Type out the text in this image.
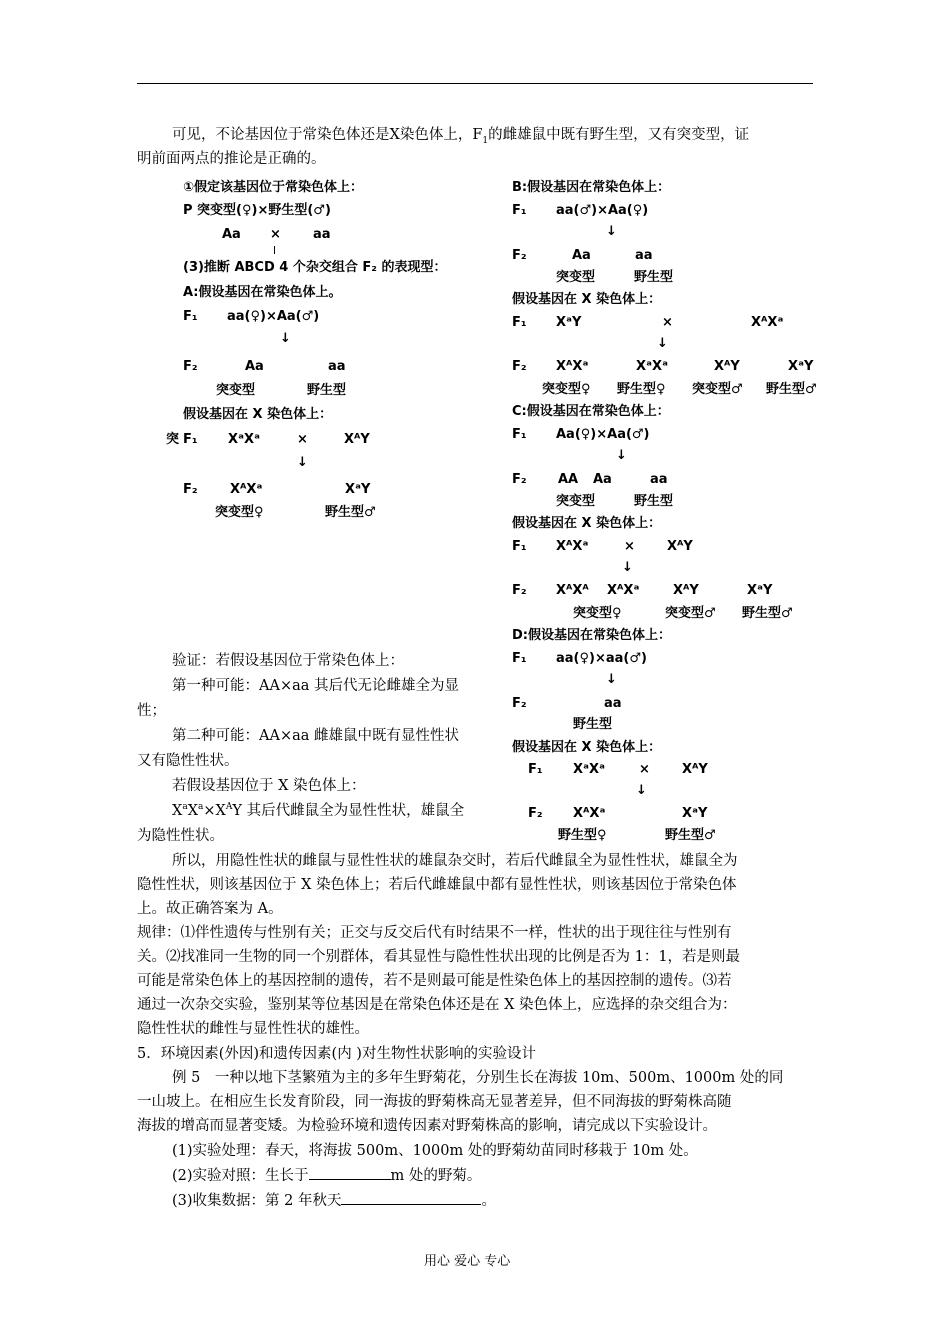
可见，不论基因位于常染色体还是X染色体上，$F_1$的雌雄鼠中既有野生型，又有突变型，证
明前面两点的推论是正确的。
①假定该基因位于常染色体上：
P 突变型(♀)×野生型(♂)
Aa × aa
(3)推断 ABCD 4 个杂交组合 F₂ 的表现型：
A:假设基因在常染色体上。
F₁ aa(♀)×Aa(♂)
↓
F₂	Aa	aa
突变型	野生型
假设基因在 X 染色体上：
突 F₁ XᵃXᵃ	×	XᴬY
↓
F₂ XᴬXᵃ	XᵃY
突变型♀	野生型♂
B:假设基因在常染色体上：
F₁ aa(♂)×Aa(♀)
↓
F₂	Aa	aa
突变型	野生型
假设基因在 X 染色体上：
F₁ XᵃY	×	XᴬXᵃ
↓
F₂ XᴬXᵃ	XᵃXᵃ	XᴬY	XᵃY
突变型♀ 野生型♀ 突变型♂ 野生型♂
C:假设基因在常染色体上：
F₁ Aa(♀)×Aa(♂)
↓
F₂ AA Aa	aa
突变型	野生型
假设基因在 X 染色体上：
F₁ XᴬXᵃ	× XᴬY
↓
F₂ XᴬXᴬ XᴬXᵃ	XᴬY	XᵃY
突变型♀	突变型♂ 野生型♂
D:假设基因在常染色体上：
F₁ aa(♀)×aa(♂)
↓
F₂	aa
野生型
假设基因在 X 染色体上：
F₁ XᵃXᵃ	× XᴬY
↓
F₂ XᴬXᵃ	XᵃY
野生型♀	野生型♂
验证：若假设基因位于常染色体上：
第一种可能：AA×aa 其后代无论雌雄全为显
性；
第二种可能：AA×aa 雌雄鼠中既有显性性状
又有隐性性状。
若假设基因位于 X 染色体上：
$X^aX^a\times X^AY$ 其后代雌鼠全为显性性状，雄鼠全
为隐性性状。
所以，用隐性性状的雌鼠与显性性状的雄鼠杂交时，若后代雌鼠全为显性性状，雄鼠全为
隐性性状，则该基因位于 X 染色体上；若后代雌雄鼠中都有显性性状，则该基因位于常染色体
上。故正确答案为 A。
规律：⑴伴性遗传与性别有关；正交与反交后代有时结果不一样，性状的出于现往往与性别有
关。⑵找准同一生物的同一个别群体，看其显性与隐性性状出现的比例是否为 1：1，若是则最
可能是常染色体上的基因控制的遗传，若不是则最可能是性染色体上的基因控制的遗传。⑶若
通过一次杂交实验，鉴别某等位基因是在常染色体还是在 X 染色体上，应选择的杂交组合为：
隐性性状的雌性与显性性状的雄性。
5．环境因素(外因)和遗传因素(内 )对生物性状影响的实验设计
例 5　一种以地下茎繁殖为主的多年生野菊花，分别生长在海拔 10m、500m、1000m 处的同
一山坡上。在相应生长发育阶段，同一海拔的野菊株高无显著差异，但不同海拔的野菊株高随
海拔的增高而显著变矮。为检验环境和遗传因素对野菊株高的影响，请完成以下实验设计。
(1)实验处理：春天，将海拔 500m、1000m 处的野菊幼苗同时移栽于 10m 处。
(2)实验对照：生长于	m 处的野菊。
(3)收集数据：第 2 年秋天	。
用心 爱心 专心
